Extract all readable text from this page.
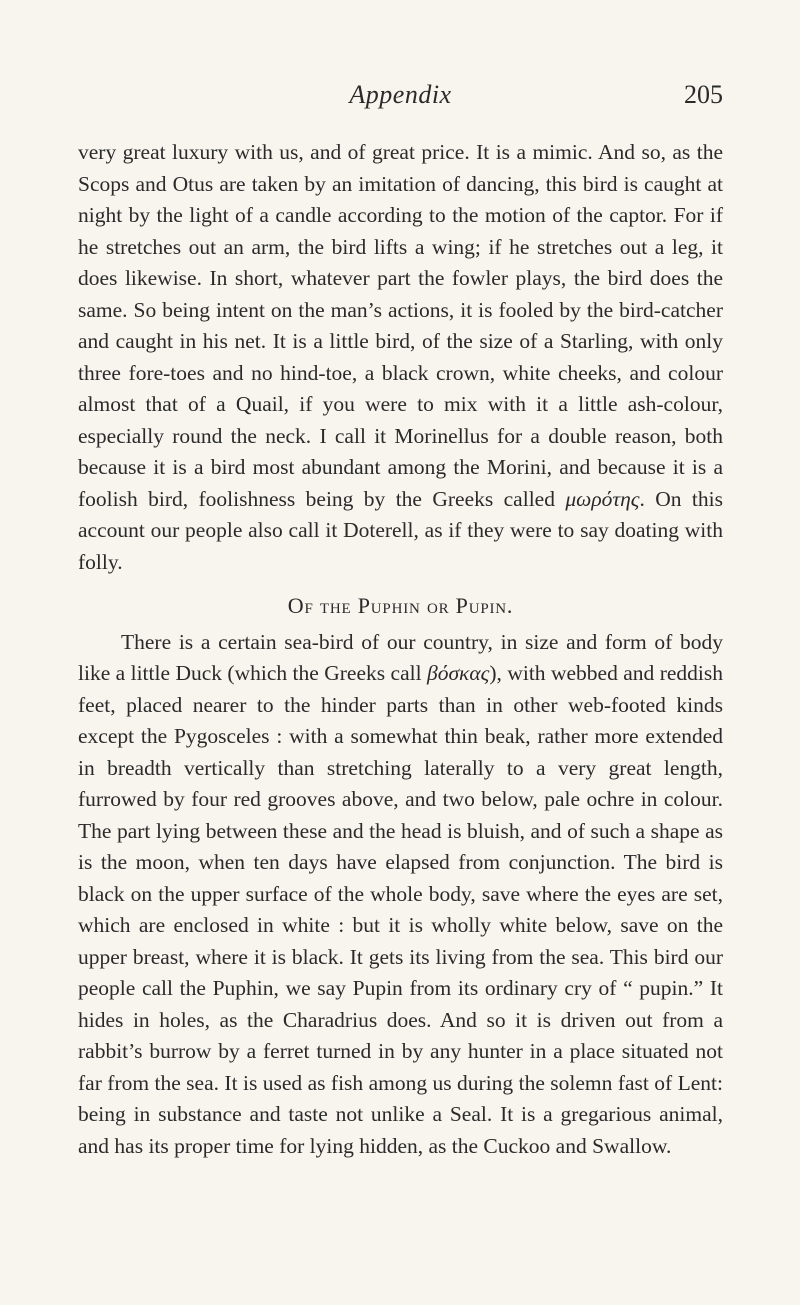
Appendix	205

very great luxury with us, and of great price. It is a mimic. And so, as the Scops and Otus are taken by an imitation of dancing, this bird is caught at night by the light of a candle according to the motion of the captor. For if he stretches out an arm, the bird lifts a wing; if he stretches out a leg, it does likewise. In short, whatever part the fowler plays, the bird does the same. So being intent on the man’s actions, it is fooled by the bird-catcher and caught in his net. It is a little bird, of the size of a Starling, with only three fore-toes and no hind-toe, a black crown, white cheeks, and colour almost that of a Quail, if you were to mix with it a little ash-colour, especially round the neck. I call it Morinellus for a double reason, both because it is a bird most abundant among the Morini, and because it is a foolish bird, foolishness being by the Greeks called μωρότης. On this account our people also call it Doterell, as if they were to say doating with folly.

Of the Puphin or Pupin.

There is a certain sea-bird of our country, in size and form of body like a little Duck (which the Greeks call βόσκας), with webbed and reddish feet, placed nearer to the hinder parts than in other web-footed kinds except the Pygosceles : with a somewhat thin beak, rather more extended in breadth vertically than stretching laterally to a very great length, furrowed by four red grooves above, and two below, pale ochre in colour. The part lying between these and the head is bluish, and of such a shape as is the moon, when ten days have elapsed from conjunction. The bird is black on the upper surface of the whole body, save where the eyes are set, which are enclosed in white : but it is wholly white below, save on the upper breast, where it is black. It gets its living from the sea. This bird our people call the Puphin, we say Pupin from its ordinary cry of “ pupin.” It hides in holes, as the Charadrius does. And so it is driven out from a rabbit’s burrow by a ferret turned in by any hunter in a place situated not far from the sea. It is used as fish among us during the solemn fast of Lent: being in substance and taste not unlike a Seal. It is a gregarious animal, and has its proper time for lying hidden, as the Cuckoo and Swallow.
